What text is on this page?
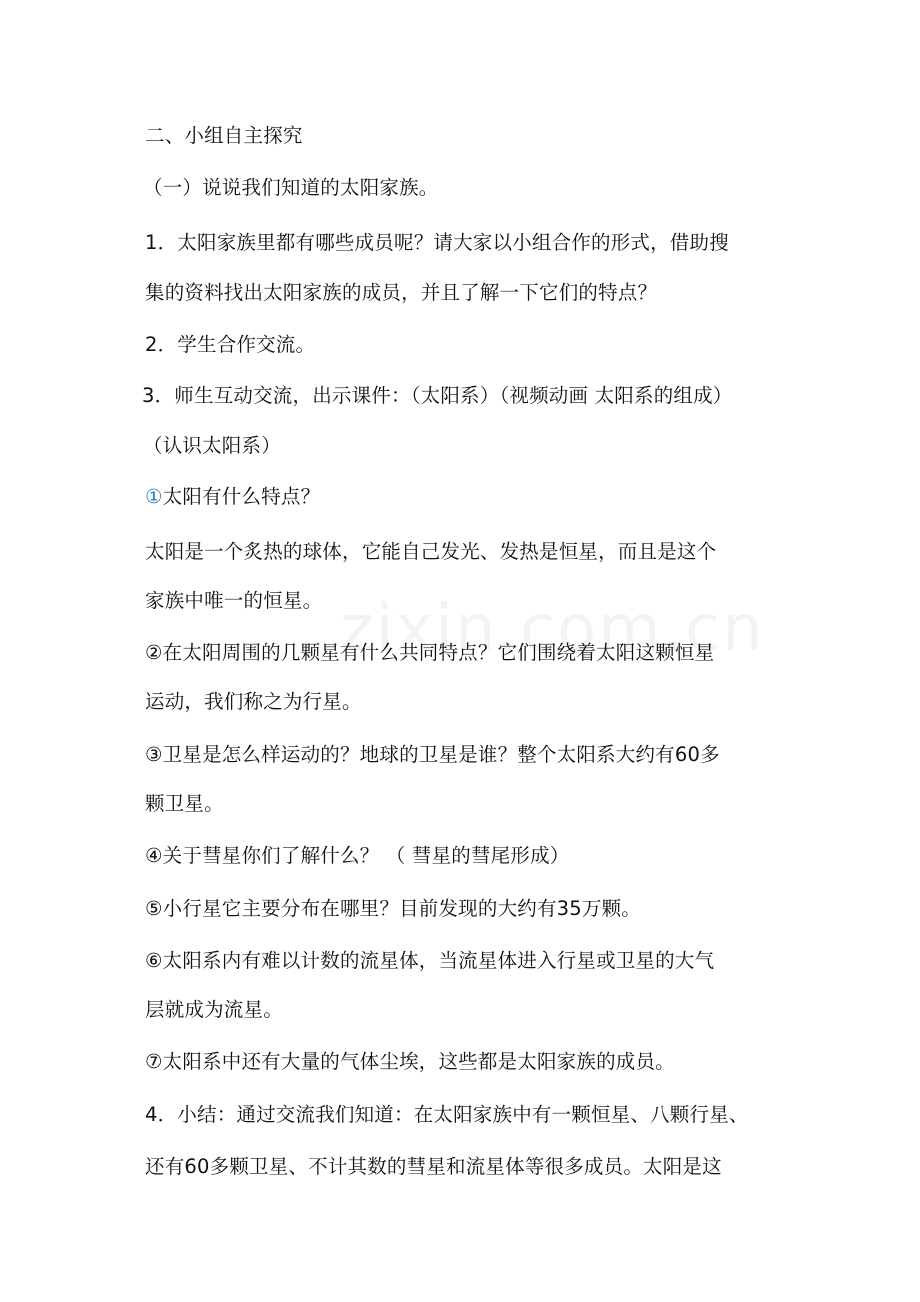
二、小组自主探究
（一）说说我们知道的太阳家族。
1．太阳家族里都有哪些成员呢？请大家以小组合作的形式，借助搜
集的资料找出太阳家族的成员，并且了解一下它们的特点？
2．学生合作交流。
3．师生互动交流，出示课件：（太阳系）（视频动画 太阳系的组成）
（认识太阳系）
①太阳有什么特点？
太阳是一个炙热的球体，它能自己发光、发热是恒星，而且是这个
家族中唯一的恒星。
②在太阳周围的几颗星有什么共同特点？它们围绕着太阳这颗恒星
运动，我们称之为行星。
③卫星是怎么样运动的？地球的卫星是谁？整个太阳系大约有60多
颗卫星。
④关于彗星你们了解什么？ （ 彗星的彗尾形成）
⑤小行星它主要分布在哪里？目前发现的大约有35万颗。
⑥太阳系内有难以计数的流星体，当流星体进入行星或卫星的大气
层就成为流星。
⑦太阳系中还有大量的气体尘埃，这些都是太阳家族的成员。
4．小结：通过交流我们知道：在太阳家族中有一颗恒星、八颗行星、
还有60多颗卫星、不计其数的彗星和流星体等很多成员。太阳是这
